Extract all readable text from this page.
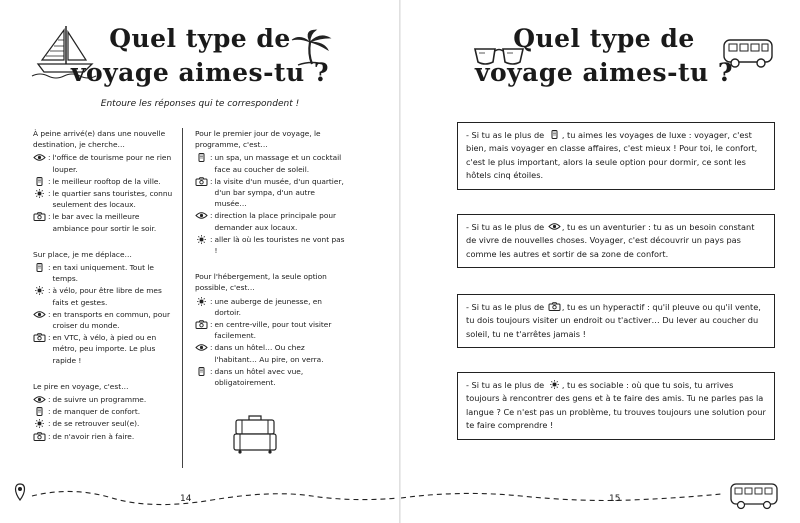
Quel type de
voyage aimes-tu ?
Entoure les réponses qui te correspondent !
À peine arrivé(e) dans une nouvelle destination, je cherche…
: l'office de tourisme pour ne rien louper.
: le meilleur rooftop de la ville.
: le quartier sans touristes, connu seulement des locaux.
: le bar avec la meilleure ambiance pour sortir le soir.
Sur place, je me déplace…
: en taxi uniquement. Tout le temps.
: à vélo, pour être libre de mes faits et gestes.
: en transports en commun, pour croiser du monde.
: en VTC, à vélo, à pied ou en métro, peu importe. Le plus rapide !
Le pire en voyage, c'est…
: de suivre un programme.
: de manquer de confort.
: de se retrouver seul(e).
: de n'avoir rien à faire.
Pour le premier jour de voyage, le programme, c'est…
: un spa, un massage et un cocktail face au coucher de soleil.
: la visite d'un musée, d'un quartier, d'un bar sympa, d'un autre musée…
: direction la place principale pour demander aux locaux.
: aller là où les touristes ne vont pas !
Pour l'hébergement, la seule option possible, c'est…
: une auberge de jeunesse, en dortoir.
: en centre-ville, pour tout visiter facilement.
: dans un hôtel… Ou chez l'habitant… Au pire, on verra.
: dans un hôtel avec vue, obligatoirement.
14
Quel type de
voyage aimes-tu ?
- Si tu as le plus de , tu aimes les voyages de luxe : voyager, c'est bien, mais voyager en classe affaires, c'est mieux ! Pour toi, le confort, c'est le plus important, alors la seule option pour dormir, ce sont les hôtels cinq étoiles.
- Si tu as le plus de , tu es un aventurier : tu as un besoin constant de vivre de nouvelles choses. Voyager, c'est découvrir un pays pas comme les autres et sortir de sa zone de confort.
- Si tu as le plus de , tu es un hyperactif : qu'il pleuve ou qu'il vente, tu dois toujours visiter un endroit ou t'activer… Du lever au coucher du soleil, tu ne t'arrêtes jamais !
- Si tu as le plus de , tu es sociable : où que tu sois, tu arrives toujours à rencontrer des gens et à te faire des amis. Tu ne parles pas la langue ? Ce n'est pas un problème, tu trouves toujours une solution pour te faire comprendre !
15
